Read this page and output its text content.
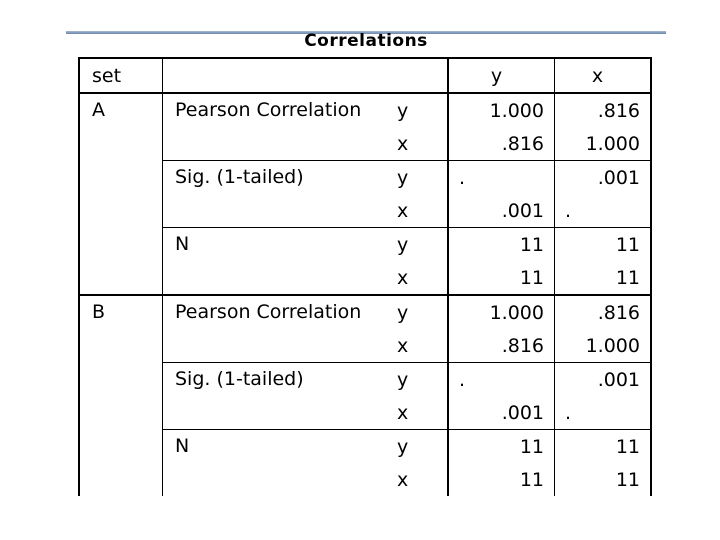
Correlations
set			y	x
A	Pearson Correlation	y	1.000	.816
		x	.816	1.000
	Sig. (1-tailed)	y	.	.001
		x	.001	.
	N	y	11	11
		x	11	11
B	Pearson Correlation	y	1.000	.816
		x	.816	1.000
	Sig. (1-tailed)	y	.	.001
		x	.001	.
	N	y	11	11
		x	11	11
